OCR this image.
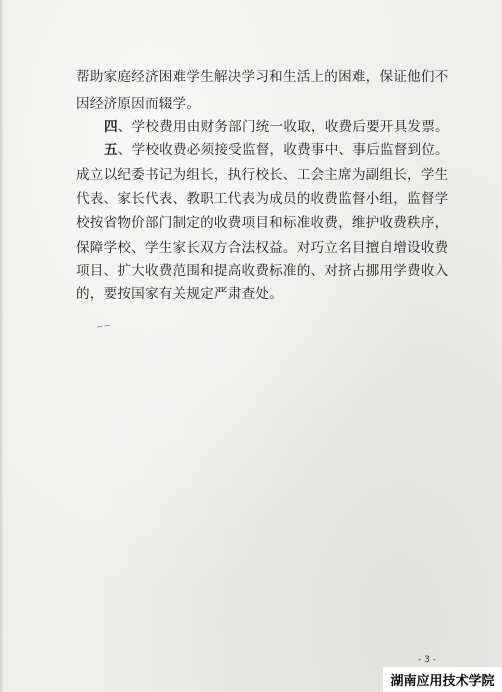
帮助家庭经济困难学生解决学习和生活上的困难，保证他们不
因经济原因而辍学。
四、学校费用由财务部门统一收取，收费后要开具发票。
五、学校收费必须接受监督，收费事中、事后监督到位。
成立以纪委书记为组长，执行校长、工会主席为副组长，学生
代表、家长代表、教职工代表为成员的收费监督小组，监督学
校按省物价部门制定的收费项目和标准收费，维护收费秩序，
保障学校、学生家长双方合法权益。对巧立名目擅自增设收费
项目、扩大收费范围和提高收费标准的、对挤占挪用学费收入
的，要按国家有关规定严肃查处。
~~
- 3 -
湖南应用技术学院
